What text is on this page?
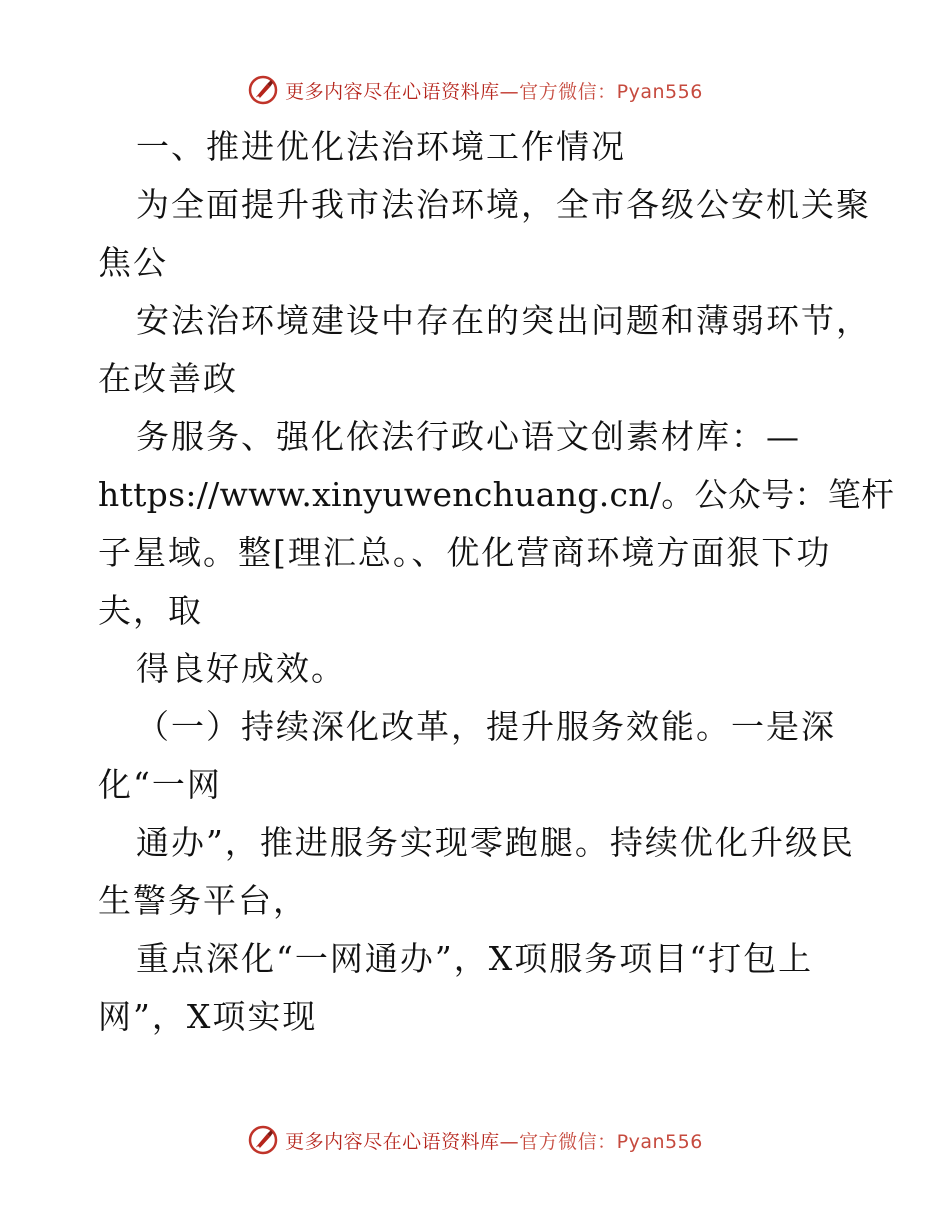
更多内容尽在心语资料库—官方微信：Pyan556
一、推进优化法治环境工作情况
为全面提升我市法治环境，全市各级公安机关聚
焦公
安法治环境建设中存在的突出问题和薄弱环节，
在改善政
务服务、强化依法行政心语文创素材库：—
https://www.xinyuwenchuang.cn/。公众号：笔杆
子星域。整[理汇总。、优化营商环境方面狠下功
夫，取
得良好成效。
（一）持续深化改革，提升服务效能。一是深
化“一网
通办”，推进服务实现零跑腿。持续优化升级民
生警务平台，
重点深化“一网通办”，X项服务项目“打包上
网”，X项实现
更多内容尽在心语资料库—官方微信：Pyan556
